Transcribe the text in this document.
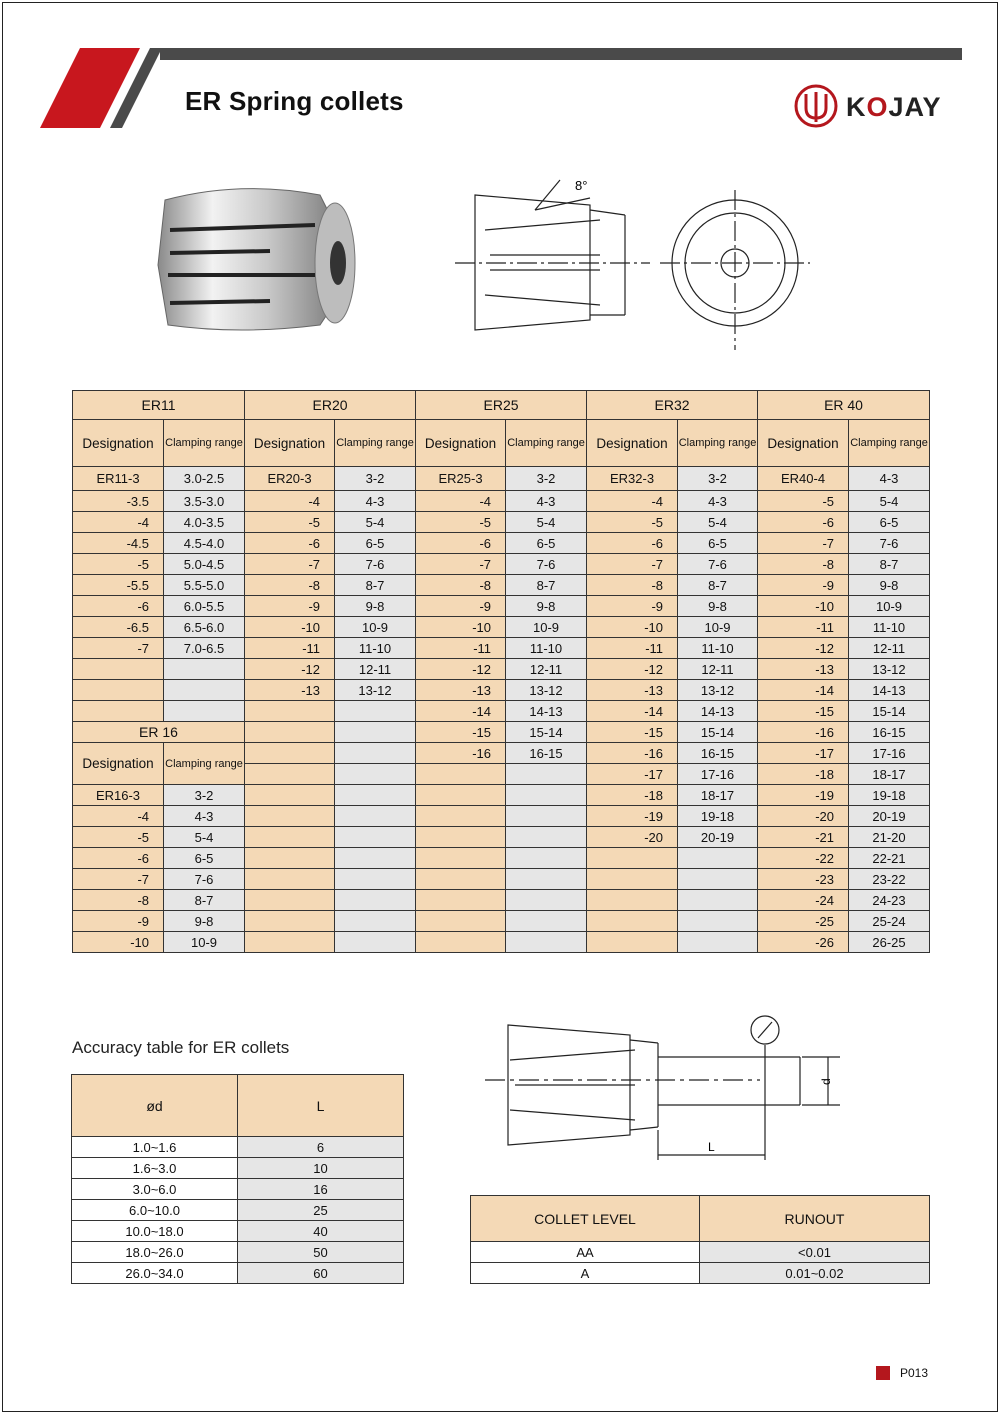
ER Spring collets	KOJAY
8°
ER11		ER20		ER25		ER32		ER 40	
Designation	Clamping range	Designation	Clamping range	Designation	Clamping range	Designation	Clamping range	Designation	Clamping range
ER11-3	3.0-2.5	ER20-3	3-2	ER25-3	3-2	ER32-3	3-2	ER40-4	4-3
-3.5	3.5-3.0	-4	4-3	-4	4-3	-4	4-3	-5	5-4
-4	4.0-3.5	-5	5-4	-5	5-4	-5	5-4	-6	6-5
-4.5	4.5-4.0	-6	6-5	-6	6-5	-6	6-5	-7	7-6
-5	5.0-4.5	-7	7-6	-7	7-6	-7	7-6	-8	8-7
-5.5	5.5-5.0	-8	8-7	-8	8-7	-8	8-7	-9	9-8
-6	6.0-5.5	-9	9-8	-9	9-8	-9	9-8	-10	10-9
-6.5	6.5-6.0	-10	10-9	-10	10-9	-10	10-9	-11	11-10
-7	7.0-6.5	-11	11-10	-11	11-10	-11	11-10	-12	12-11
		-12	12-11	-12	12-11	-12	12-11	-13	13-12
		-13	13-12	-13	13-12	-13	13-12	-14	14-13
				-14	14-13	-14	14-13	-15	15-14
ER 16				-15	15-14	-15	15-14	-16	16-15
Designation	Clamping range			-16	16-15	-16	16-15	-17	17-16
						-17	17-16	-18	18-17
ER16-3	3-2					-18	18-17	-19	19-18
-4	4-3					-19	19-18	-20	20-19
-5	5-4					-20	20-19	-21	21-20
-6	6-5							-22	22-21
-7	7-6							-23	23-22
-8	8-7							-24	24-23
-9	9-8							-25	25-24
-10	10-9							-26	26-25
Accuracy table for ER collets
ød	L
1.0~1.6	6
1.6~3.0	10
3.0~6.0	16
6.0~10.0	25
10.0~18.0	40
18.0~26.0	50
26.0~34.0	60
d
L
COLLET LEVEL	RUNOUT
AA	<0.01
A	0.01~0.02
P013
